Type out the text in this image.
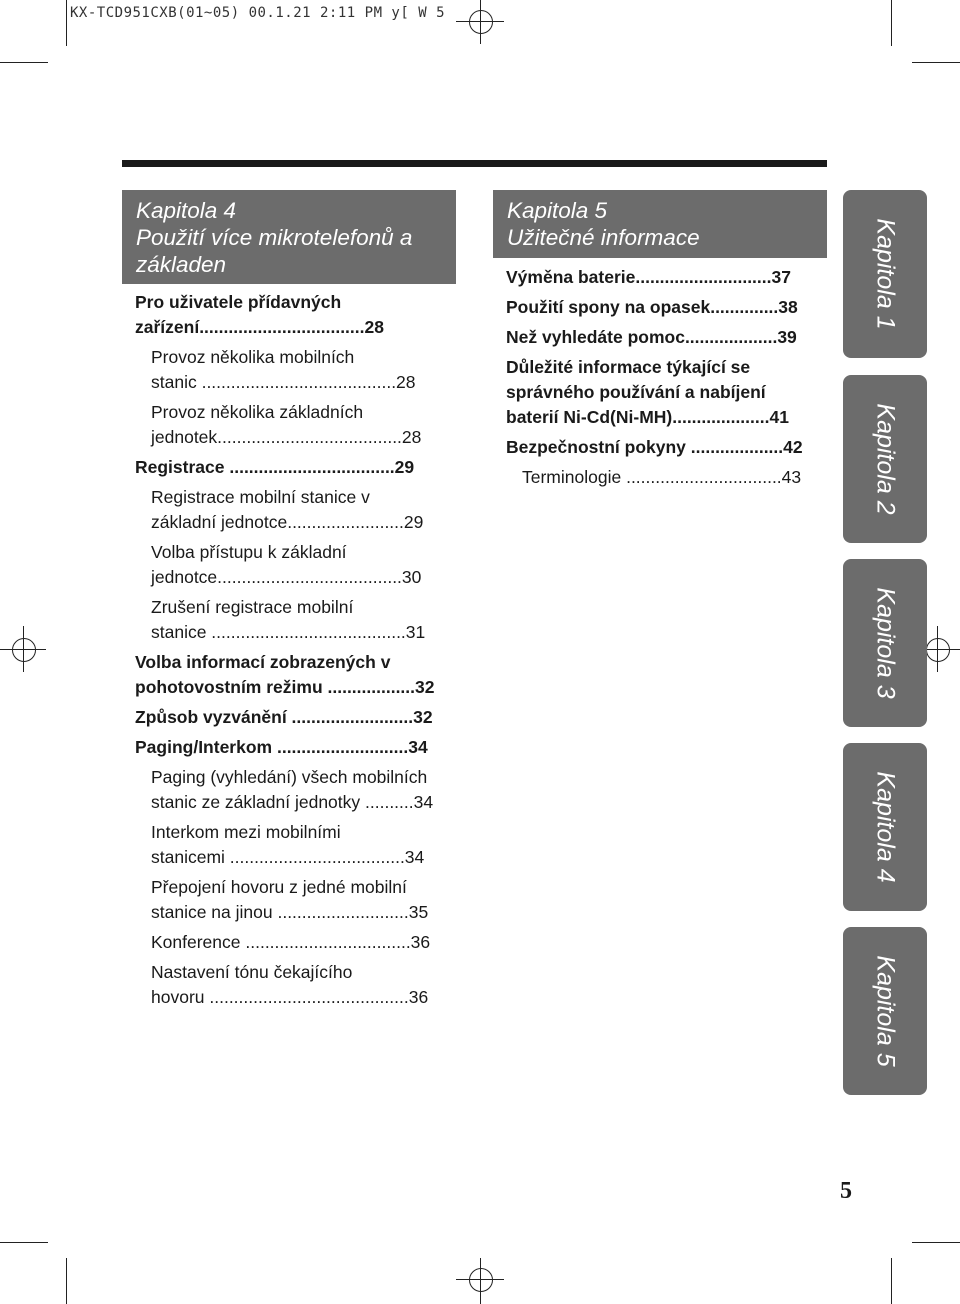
KX-TCD951CXB(01~05) 00.1.21 2:11 PM y[ W 5
Kapitola 4
Použití více mikrotelefonů a
základen
Pro uživatele přídavných
zařízení..................................28
Provoz několika mobilních
stanic ........................................28
Provoz několika základních
jednotek......................................28
Registrace ..................................29
Registrace mobilní stanice v
základní jednotce........................29
Volba přístupu k základní
jednotce......................................30
Zrušení registrace mobilní
stanice ........................................31
Volba informací zobrazených v
pohotovostním režimu ..................32
Způsob vyzvánění .........................32
Paging/Interkom ...........................34
Paging (vyhledání) všech mobilních
stanic ze základní jednotky ..........34
Interkom mezi mobilními
stanicemi ....................................34
Přepojení hovoru z jedné mobilní
stanice na jinou ...........................35
Konference ..................................36
Nastavení tónu čekajícího
hovoru .........................................36
Kapitola 5
Užitečné informace
Výměna baterie............................37
Použití spony na opasek..............38
Než vyhledáte pomoc...................39
Důležité informace týkající se
správného používání a nabíjení
baterií Ni-Cd(Ni-MH)....................41
Bezpečnostní pokyny ...................42
Terminologie ................................43
Kapitola 1
Kapitola 2
Kapitola 3
Kapitola 4
Kapitola 5
5
